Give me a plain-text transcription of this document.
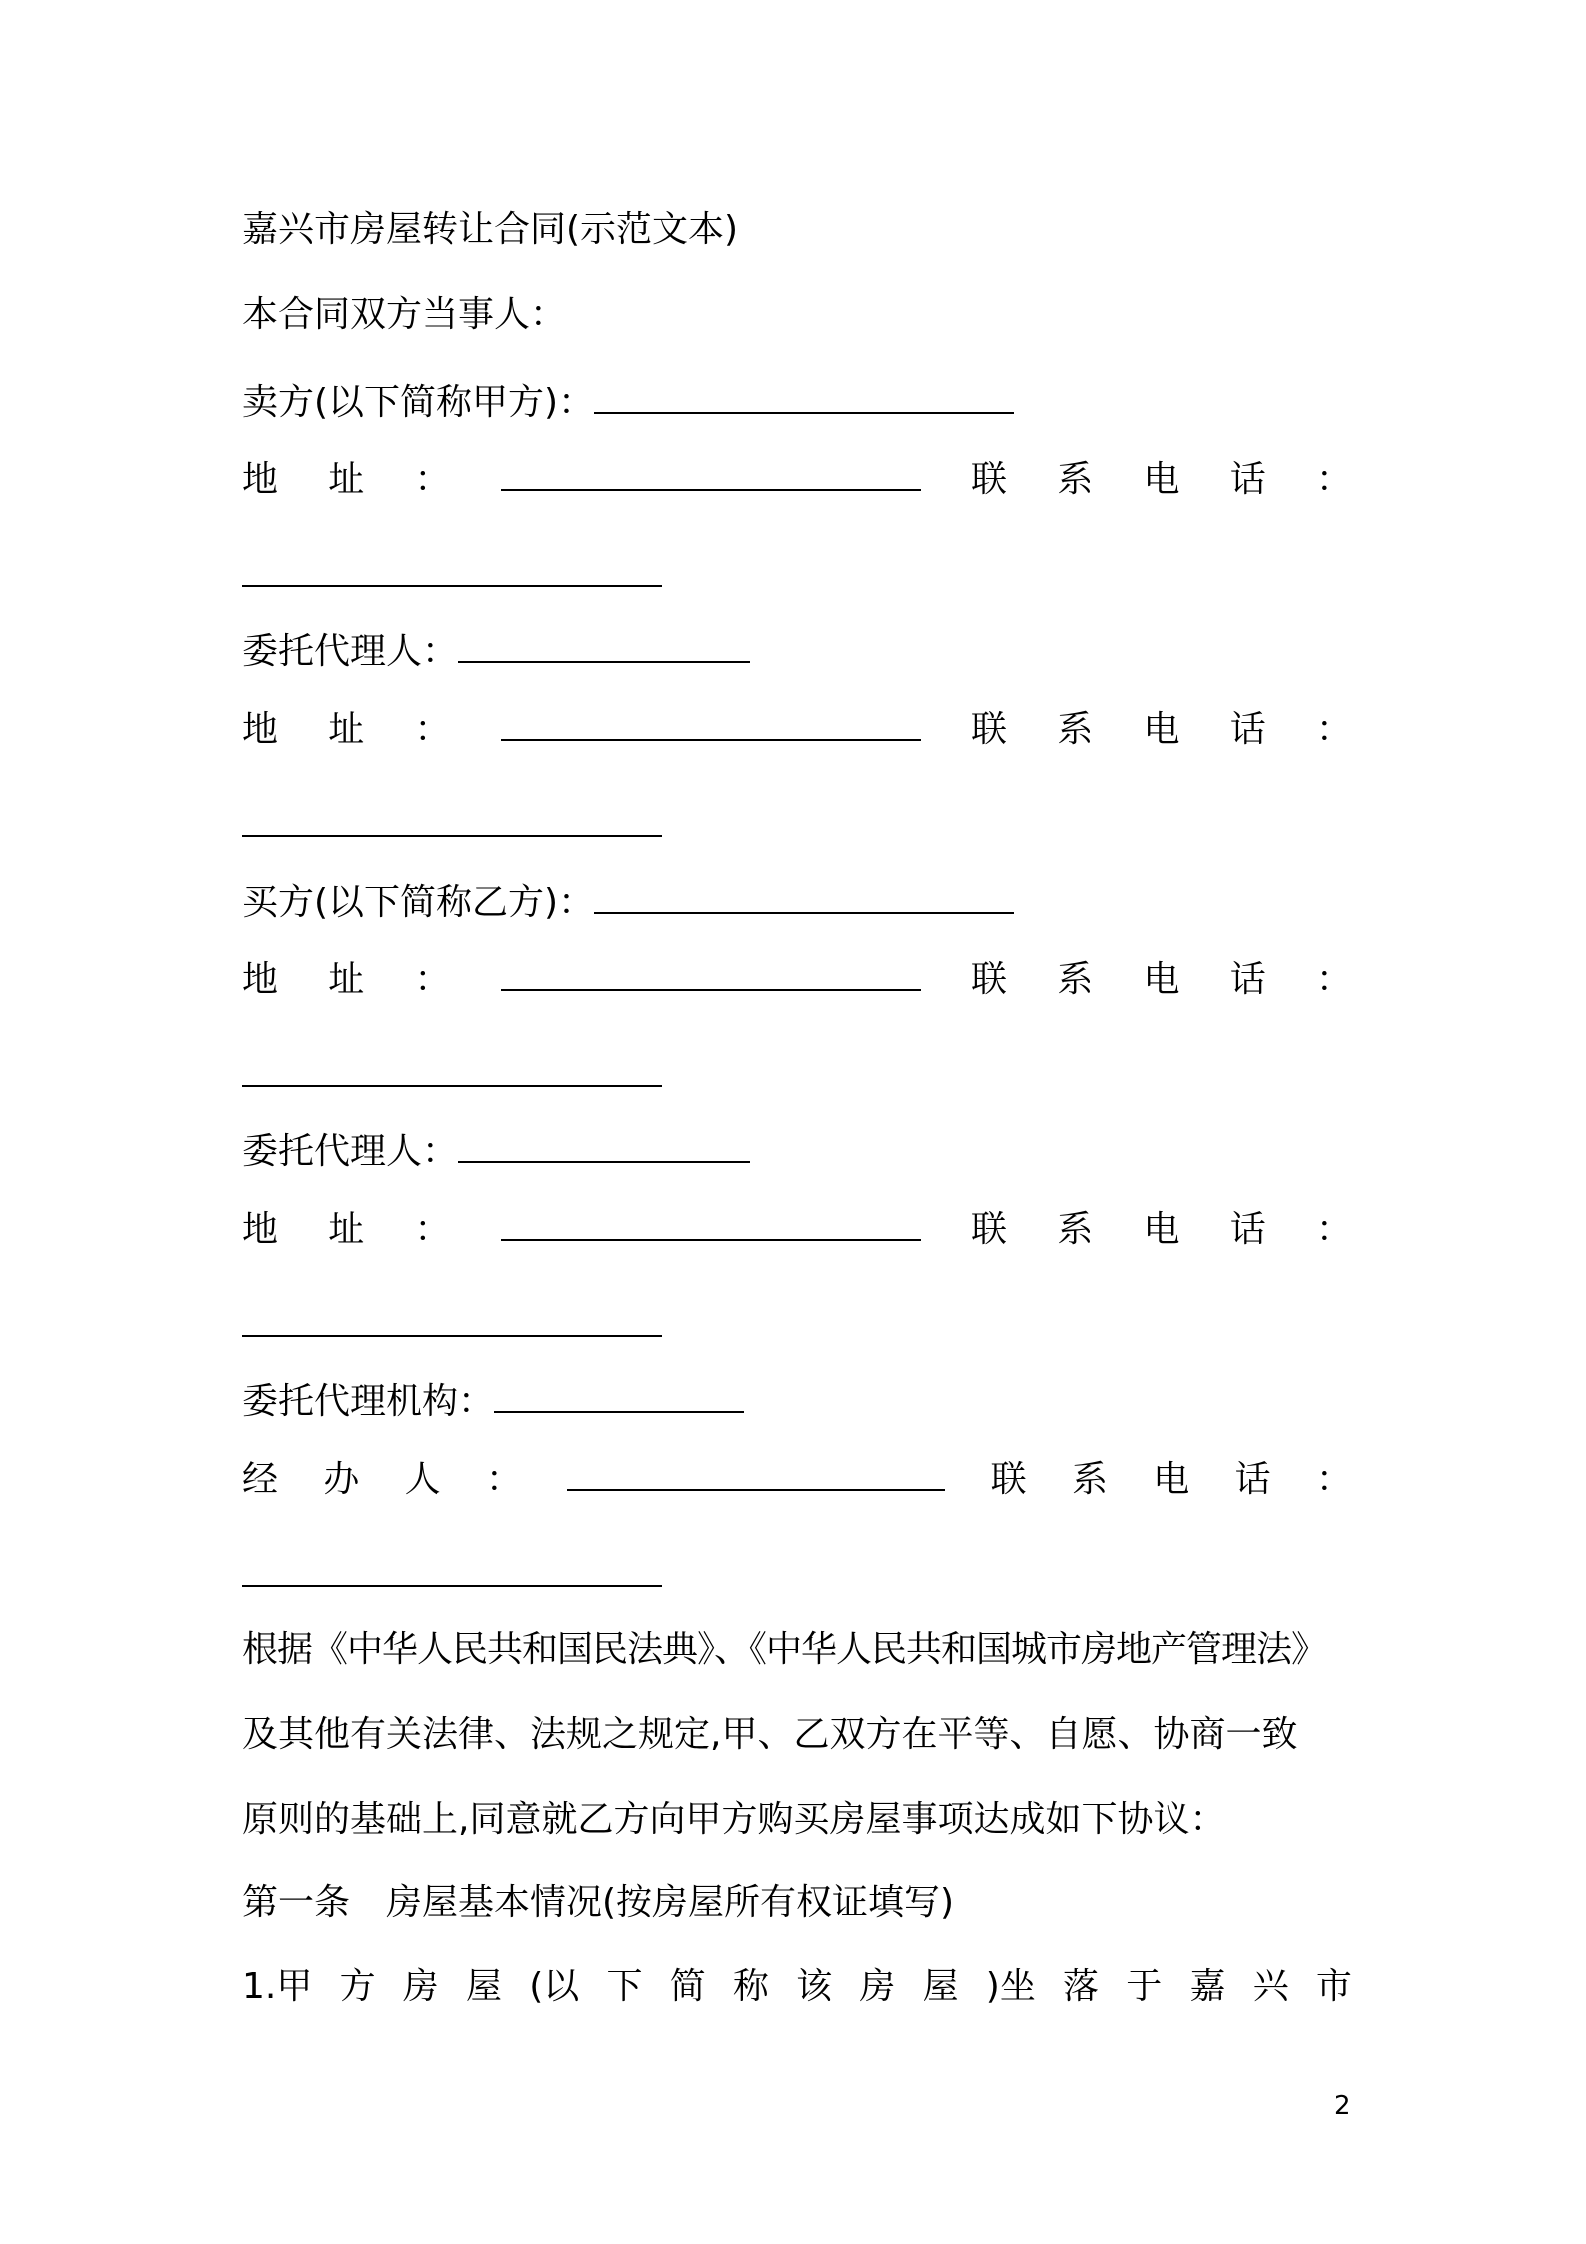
嘉兴市房屋转让合同(示范文本)
本合同双方当事人：
卖方(以下简称甲方)：
地 址 ：	联 系 电 话 ：
委托代理人：
地 址 ：	联 系 电 话 ：
买方(以下简称乙方)：
地 址 ：	联 系 电 话 ：
委托代理人：
地 址 ：	联 系 电 话 ：
委托代理机构：
经 办 人 ：	联 系 电 话 ：
根据《中华人民共和国民法典》、《中华人民共和国城市房地产管理法》
及其他有关法律、法规之规定,甲、乙双方在平等、自愿、协商一致
原则的基础上,同意就乙方向甲方购买房屋事项达成如下协议：
第一条　房屋基本情况(按房屋所有权证填写)
1.甲 方 房 屋 (以 下 简 称 该 房 屋 )坐 落 于 嘉 兴 市
2
